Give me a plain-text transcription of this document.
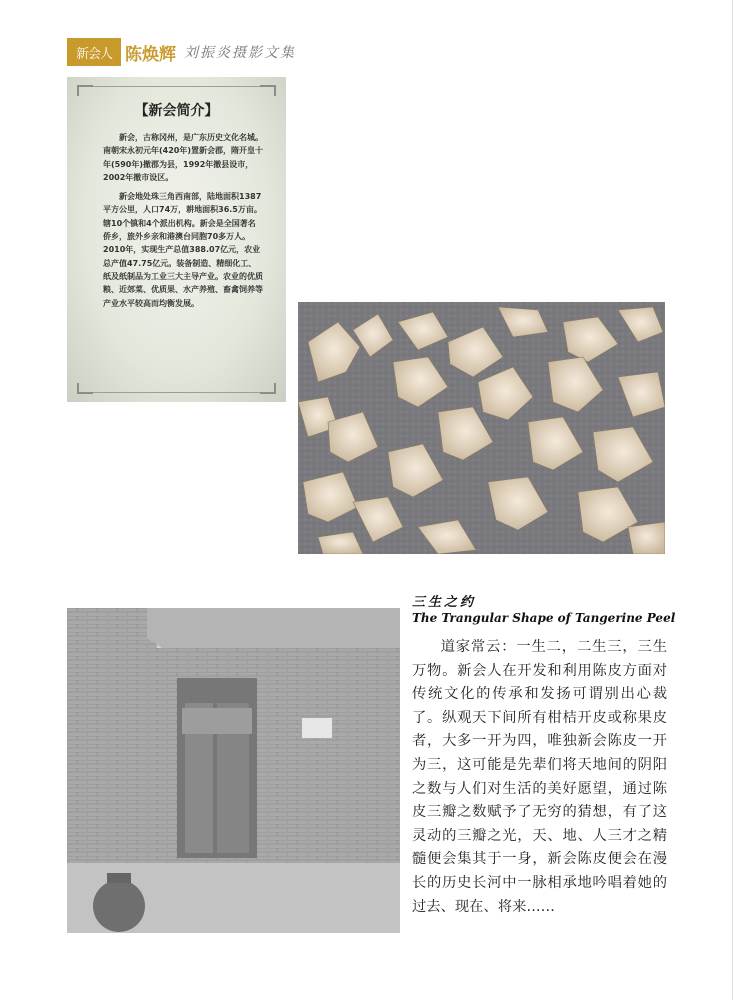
新会人 陈焕辉 刘振炎摄影文集
【新会简介】

新会，古称冈州，是广东历史文化名城。南朝宋永初元年(420年)置新会郡，隋开皇十年(590年)撤郡为县，1992年撤县设市，2002年撤市设区。

新会地处珠三角西南部，陆地面积1387平方公里，人口74万，耕地面积36.5万亩。辖10个镇和4个派出机构。新会是全国著名侨乡，旅外乡亲和港澳台同胞70多万人。2010年，实现生产总值388.07亿元，农业总产值47.75亿元。装备制造、精细化工、纸及纸制品为工业三大主导产业。农业的优质粮、近郊菜、优质果、水产养殖、畜禽饲养等产业水平较高而均衡发展。

三生之约
The Trangular Shape of Tangerine Peel

道家常云：一生二，二生三，三生万物。新会人在开发和利用陈皮方面对传统文化的传承和发扬可谓别出心裁了。纵观天下间所有柑桔开皮或称果皮者，大多一开为四，唯独新会陈皮一开为三，这可能是先辈们将天地间的阴阳之数与人们对生活的美好愿望，通过陈皮三瓣之数赋予了无穷的猜想，有了这灵动的三瓣之光，天、地、人三才之精髓便会集其于一身，新会陈皮便会在漫长的历史长河中一脉相承地吟唱着她的过去、现在、将来……
